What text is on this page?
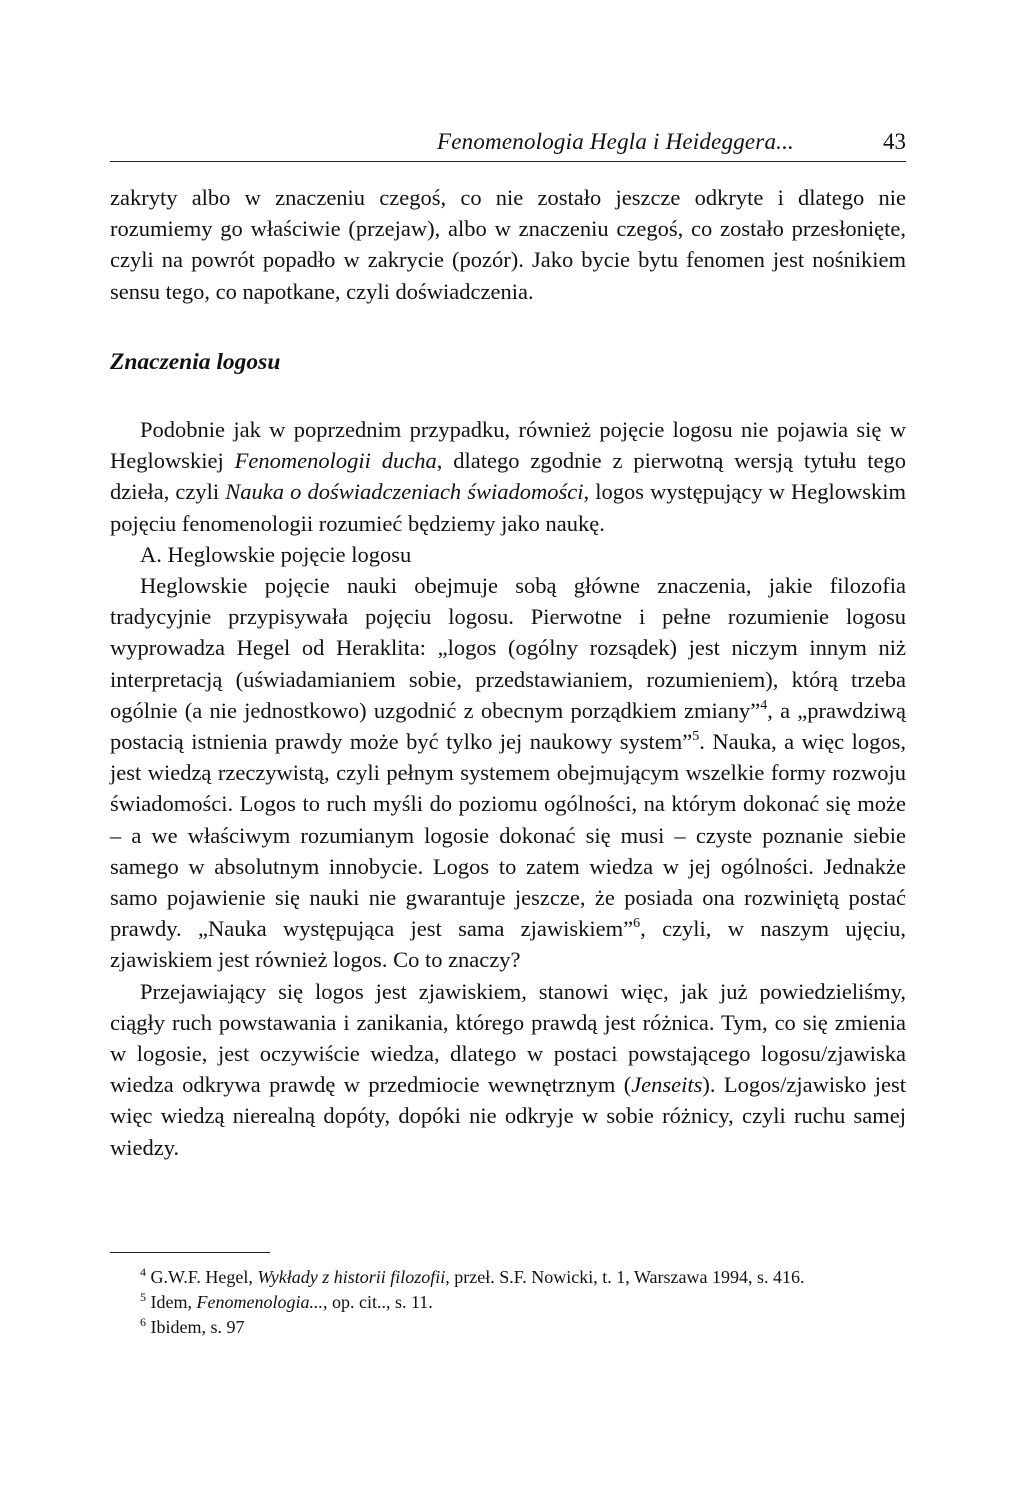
Fenomenologia Hegla i Heideggera...	43

zakryty albo w znaczeniu czegoś, co nie zostało jeszcze odkryte i dlatego nie rozumiemy go właściwie (przejaw), albo w znaczeniu czegoś, co zostało przesłonięte, czyli na powrót popadło w zakrycie (pozór). Jako bycie bytu fenomen jest nośnikiem sensu tego, co napotkane, czyli doświadczenia.

Znaczenia logosu

Podobnie jak w poprzednim przypadku, również pojęcie logosu nie pojawia się w Heglowskiej Fenomenologii ducha, dlatego zgodnie z pierwotną wersją tytułu tego dzieła, czyli Nauka o doświadczeniach świadomości, logos występujący w Heglowskim pojęciu fenomenologii rozumieć będziemy jako naukę.

A. Heglowskie pojęcie logosu

Heglowskie pojęcie nauki obejmuje sobą główne znaczenia, jakie filozofia tradycyjnie przypisywała pojęciu logosu. Pierwotne i pełne rozumienie logosu wyprowadza Hegel od Heraklita: „logos (ogólny rozsądek) jest niczym innym niż interpretacją (uświadamianiem sobie, przedstawianiem, rozumieniem), którą trzeba ogólnie (a nie jednostkowo) uzgodnić z obecnym porządkiem zmiany”$^4$, a „prawdziwą postacią istnienia prawdy może być tylko jej naukowy system”$^5$. Nauka, a więc logos, jest wiedzą rzeczywistą, czyli pełnym systemem obejmującym wszelkie formy rozwoju świadomości. Logos to ruch myśli do poziomu ogólności, na którym dokonać się może – a we właściwym rozumianym logosie dokonać się musi – czyste poznanie siebie samego w absolutnym innobycie. Logos to zatem wiedza w jej ogólności. Jednakże samo pojawienie się nauki nie gwarantuje jeszcze, że posiada ona rozwiniętą postać prawdy. „Nauka występująca jest sama zjawiskiem”$^6$, czyli, w naszym ujęciu, zjawiskiem jest również logos. Co to znaczy?

Przejawiający się logos jest zjawiskiem, stanowi więc, jak już powiedzieliśmy, ciągły ruch powstawania i zanikania, którego prawdą jest różnica. Tym, co się zmienia w logosie, jest oczywiście wiedza, dlatego w postaci powstającego logosu/zjawiska wiedza odkrywa prawdę w przedmiocie wewnętrznym (Jenseits). Logos/zjawisko jest więc wiedzą nierealną dopóty, dopóki nie odkryje w sobie różnicy, czyli ruchu samej wiedzy.

$^4$ G.W.F. Hegel, Wykłady z historii filozofii, przeł. S.F. Nowicki, t. 1, Warszawa 1994, s. 416.

$^5$ Idem, Fenomenologia..., op. cit.., s. 11.

$^6$ Ibidem, s. 97
